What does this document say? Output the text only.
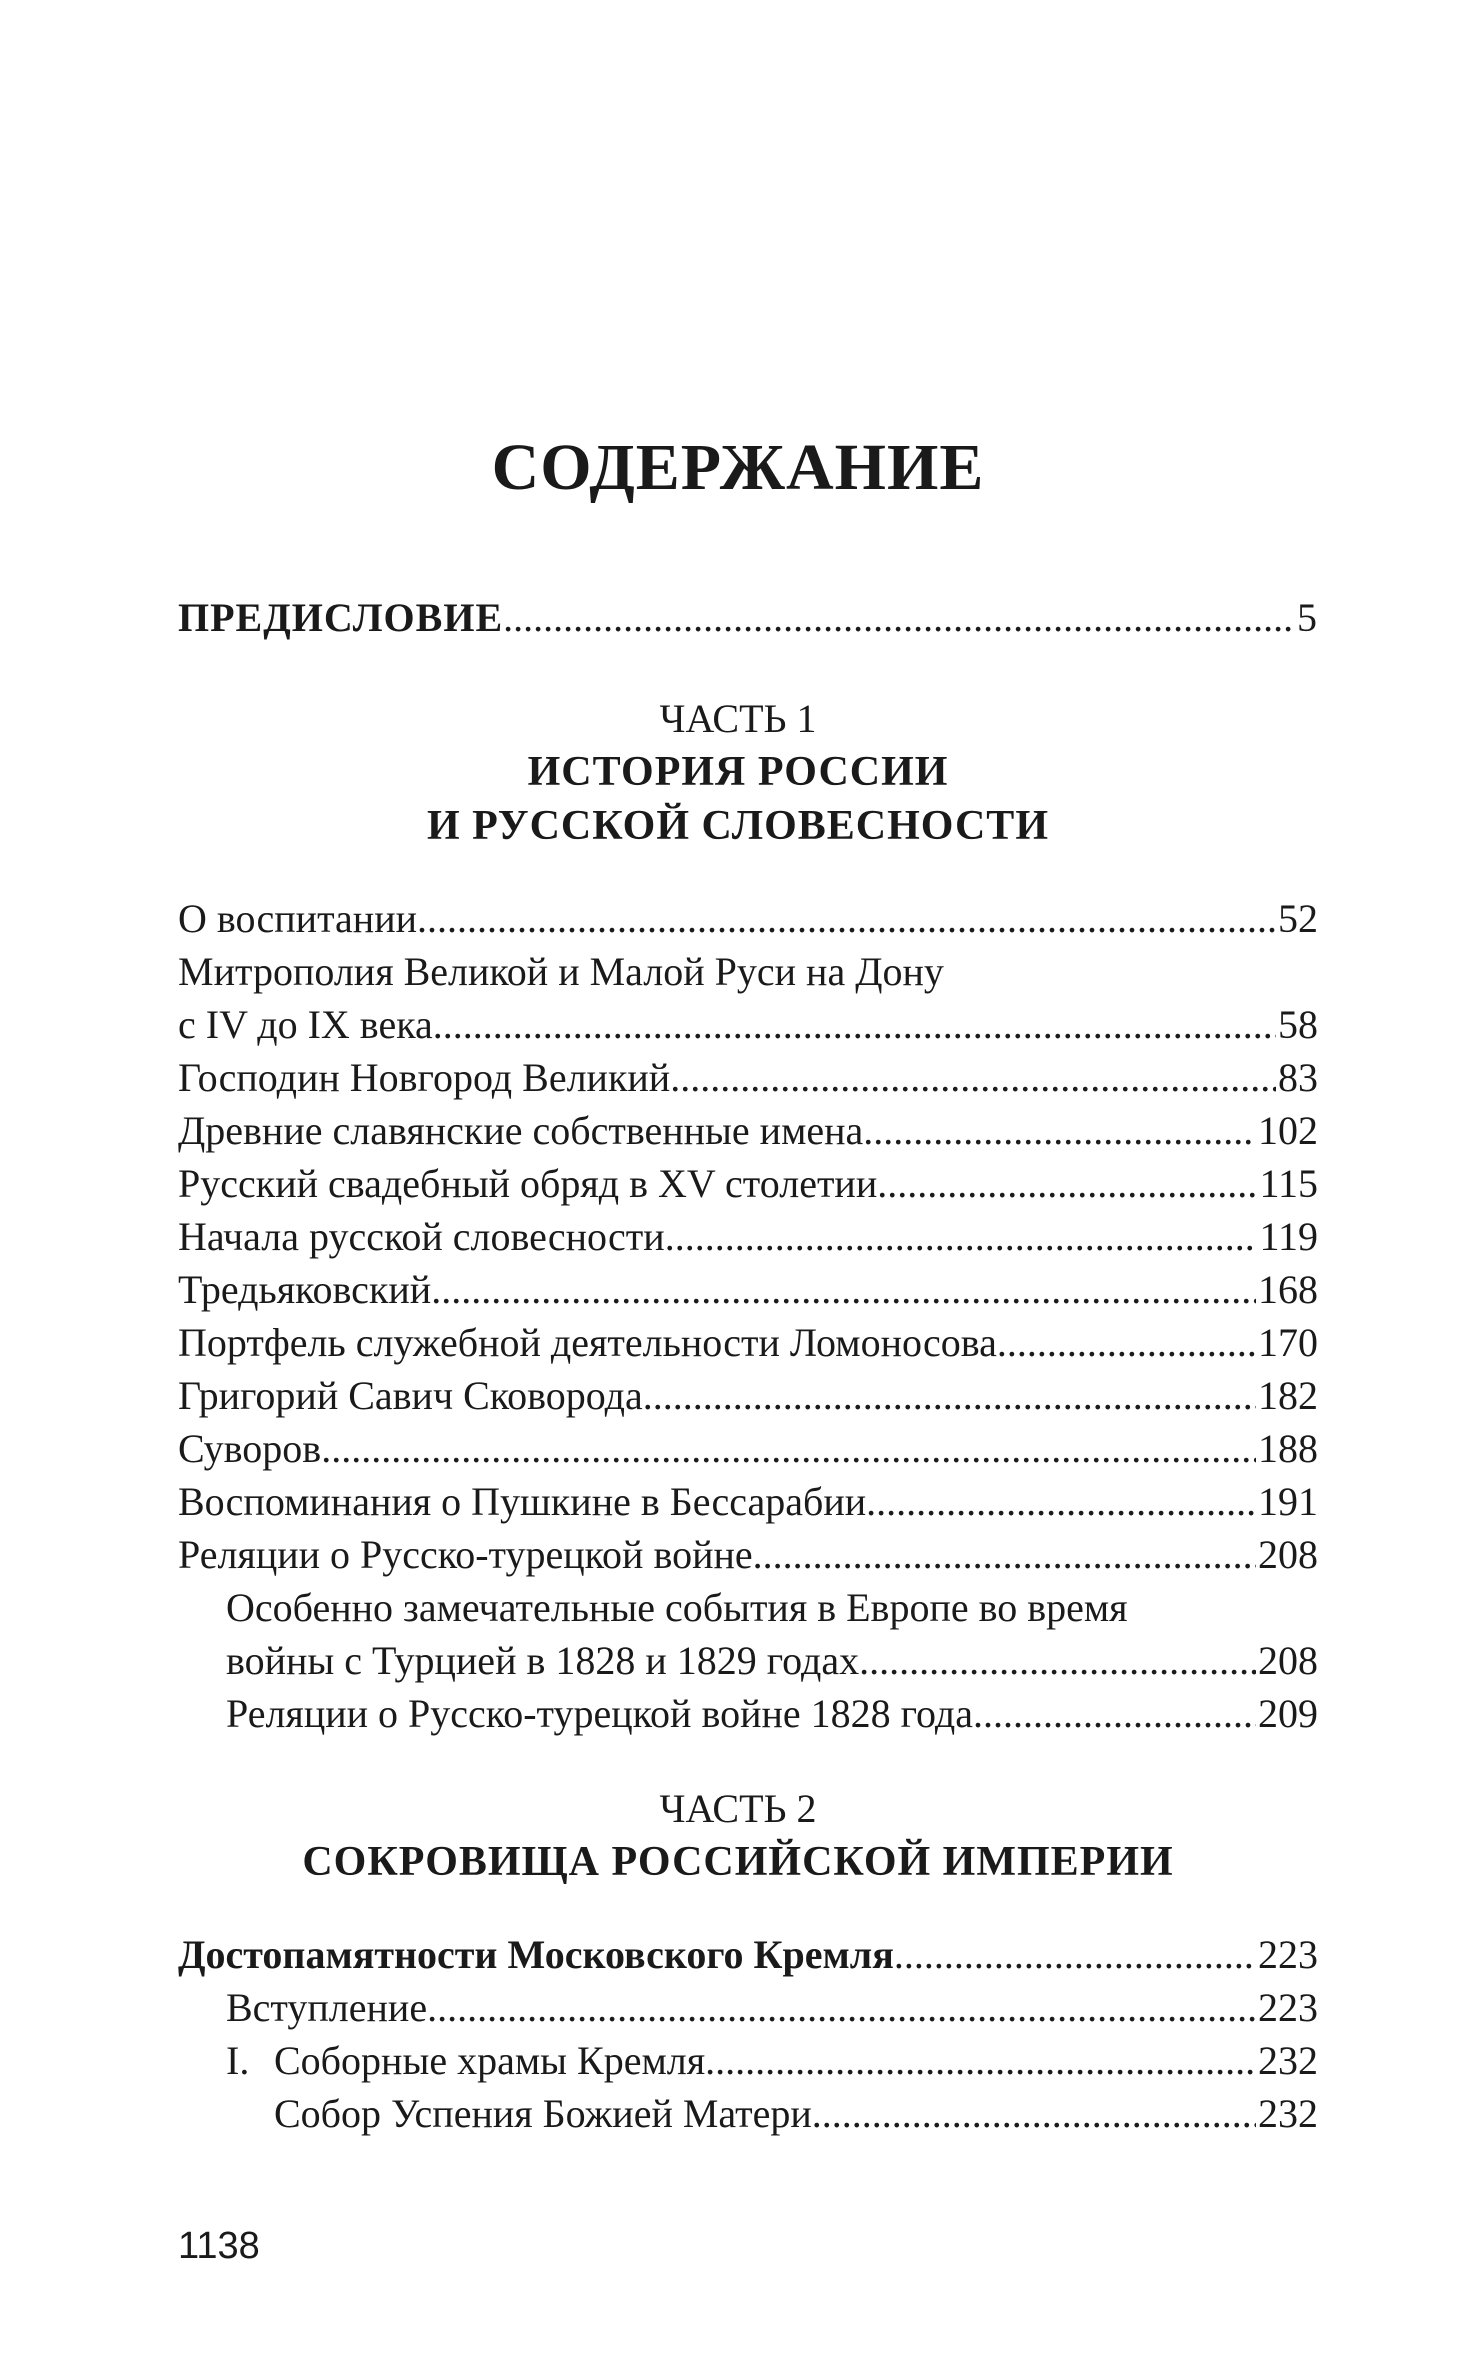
СОДЕРЖАНИЕ
ПРЕДИСЛОВИЕ .....	5
ЧАСТЬ 1
ИСТОРИЯ РОССИИ
И РУССКОЙ СЛОВЕСНОСТИ
О воспитании .....	52
Митрополия Великой и Малой Руси на Дону
с IV до IX века .....	58
Господин Новгород Великий .....	83
Древние славянские собственные имена .....	102
Русский свадебный обряд в XV столетии .....	115
Начала русской словесности .....	119
Тредьяковский .....	168
Портфель служебной деятельности Ломоносова .....	170
Григорий Савич Сковорода .....	182
Суворов .....	188
Воспоминания о Пушкине в Бессарабии .....	191
Реляции о Русско-турецкой войне .....	208
Особенно замечательные события в Европе во время
войны с Турцией в 1828 и 1829 годах .....	208
Реляции о Русско-турецкой войне 1828 года .....	209
ЧАСТЬ 2
СОКРОВИЩА РОССИЙСКОЙ ИМПЕРИИ
Достопамятности Московского Кремля .....	223
Вступление .....	223
I. Соборные храмы Кремля .....	232
Собор Успения Божией Матери .....	232
1138
